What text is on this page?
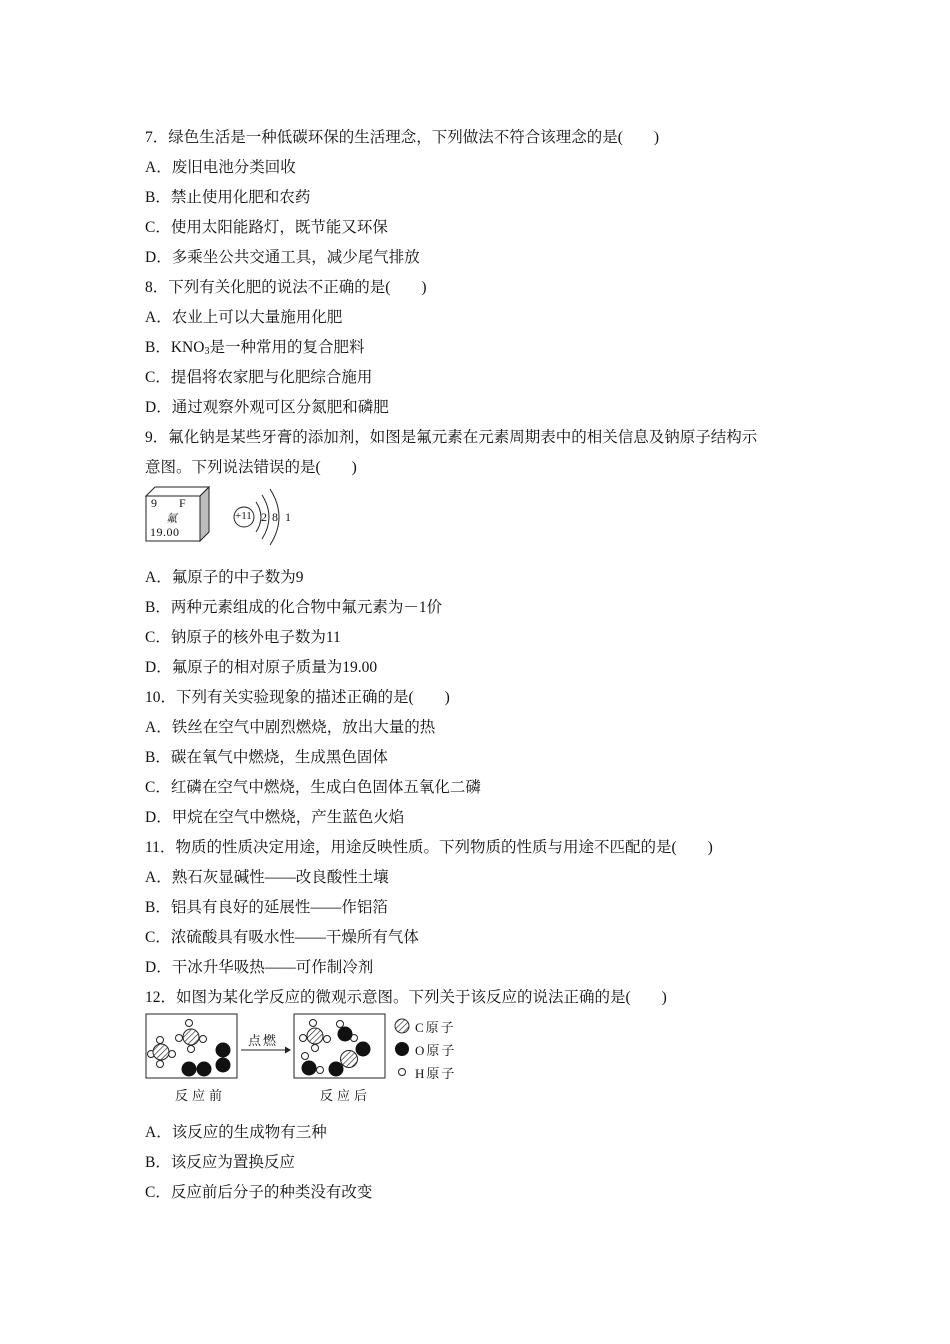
7．绿色生活是一种低碳环保的生活理念，下列做法不符合该理念的是(　　)
A．废旧电池分类回收
B．禁止使用化肥和农药
C．使用太阳能路灯，既节能又环保
D．多乘坐公共交通工具，减少尾气排放
8．下列有关化肥的说法不正确的是(　　)
A．农业上可以大量施用化肥
B．$KNO_3$是一种常用的复合肥料
C．提倡将农家肥与化肥综合施用
D．通过观察外观可区分氮肥和磷肥
9．氟化钠是某些牙膏的添加剂，如图是氟元素在元素周期表中的相关信息及钠原子结构示
意图。下列说法错误的是(　　)
9 F
氟
19.00
+11 2 8 1
A．氟原子的中子数为9
B．两种元素组成的化合物中氟元素为－1价
C．钠原子的核外电子数为11
D．氟原子的相对原子质量为19.00
10．下列有关实验现象的描述正确的是(　　)
A．铁丝在空气中剧烈燃烧，放出大量的热
B．碳在氧气中燃烧，生成黑色固体
C．红磷在空气中燃烧，生成白色固体五氧化二磷
D．甲烷在空气中燃烧，产生蓝色火焰
11．物质的性质决定用途，用途反映性质。下列物质的性质与用途不匹配的是(　　)
A．熟石灰显碱性——改良酸性土壤
B．铝具有良好的延展性——作铝箔
C．浓硫酸具有吸水性——干燥所有气体
D．干冰升华吸热——可作制冷剂
12．如图为某化学反应的微观示意图。下列关于该反应的说法正确的是(　　)
点燃
反应前	反应后
C原子
O原子
H原子
A．该反应的生成物有三种
B．该反应为置换反应
C．反应前后分子的种类没有改变
